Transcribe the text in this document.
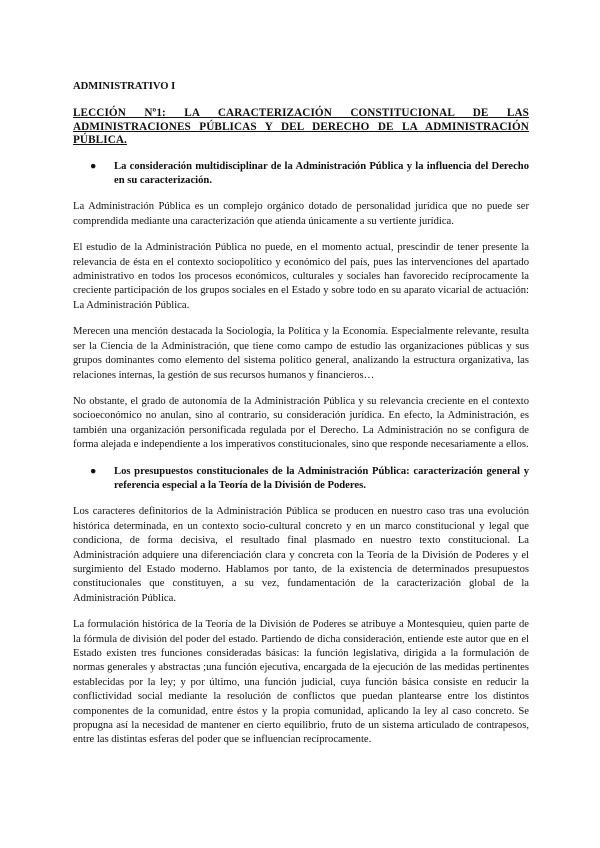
ADMINISTRATIVO I
LECCIÓN Nº1: LA CARACTERIZACIÓN CONSTITUCIONAL DE LAS ADMINISTRACIONES PÚBLICAS Y DEL DERECHO DE LA ADMINISTRACIÓN PÚBLICA.
●	La consideración multidisciplinar de la Administración Pública y la influencia del Derecho en su caracterización.

La Administración Pública es un complejo orgánico dotado de personalidad jurídica que no puede ser comprendida mediante una caracterización que atienda únicamente a su vertiente jurídica.

El estudio de la Administración Pública no puede, en el momento actual, prescindir de tener presente la relevancia de ésta en el contexto sociopolítico y económico del país, pues las intervenciones del apartado administrativo en todos los procesos económicos, culturales y sociales han favorecido recíprocamente la creciente participación de los grupos sociales en el Estado y sobre todo en su aparato vicarial de actuación: La Administración Pública.

Merecen una mención destacada la Sociología, la Política y la Economía. Especialmente relevante, resulta ser la Ciencia de la Administración, que tiene como campo de estudio las organizaciones públicas y sus grupos dominantes como elemento del sistema político general, analizando la estructura organizativa, las relaciones internas, la gestión de sus recursos humanos y financieros…

No obstante, el grado de autonomía de la Administración Pública y su relevancia creciente en el contexto socioeconómico no anulan, sino al contrario, su consideración jurídica. En efecto, la Administración, es también una organización personificada regulada por el Derecho. La Administración no se configura de forma alejada e independiente a los imperativos constitucionales, sino que responde necesariamente a ellos.

●	Los presupuestos constitucionales de la Administración Pública: caracterización general y referencia especial a la Teoría de la División de Poderes.

Los caracteres definitorios de la Administración Pública se producen en nuestro caso tras una evolución histórica determinada, en un contexto socio-cultural concreto y en un marco constitucional y legal que condiciona, de forma decisiva, el resultado final plasmado en nuestro texto constitucional. La Administración adquiere una diferenciación clara y concreta con la Teoría de la División de Poderes y el surgimiento del Estado moderno. Hablamos por tanto, de la existencia de determinados presupuestos constitucionales que constituyen, a su vez, fundamentación de la caracterización global de la Administración Pública.

La formulación histórica de la Teoría de la División de Poderes se atribuye a Montesquieu, quien parte de la fórmula de división del poder del estado. Partiendo de dicha consideración, entiende este autor que en el Estado existen tres funciones consideradas básicas: la función legislativa, dirigida a la formulación de normas generales y abstractas ;una función ejecutiva, encargada de la ejecución de las medidas pertinentes establecidas por la ley; y por último, una función judicial, cuya función básica consiste en reducir la conflictividad social mediante la resolución de conflictos que puedan plantearse entre los distintos componentes de la comunidad, entre éstos y la propia comunidad, aplicando la ley al caso concreto. Se propugna así la necesidad de mantener en cierto equilibrio, fruto de un sistema articulado de contrapesos, entre las distintas esferas del poder que se influencian recíprocamente.
